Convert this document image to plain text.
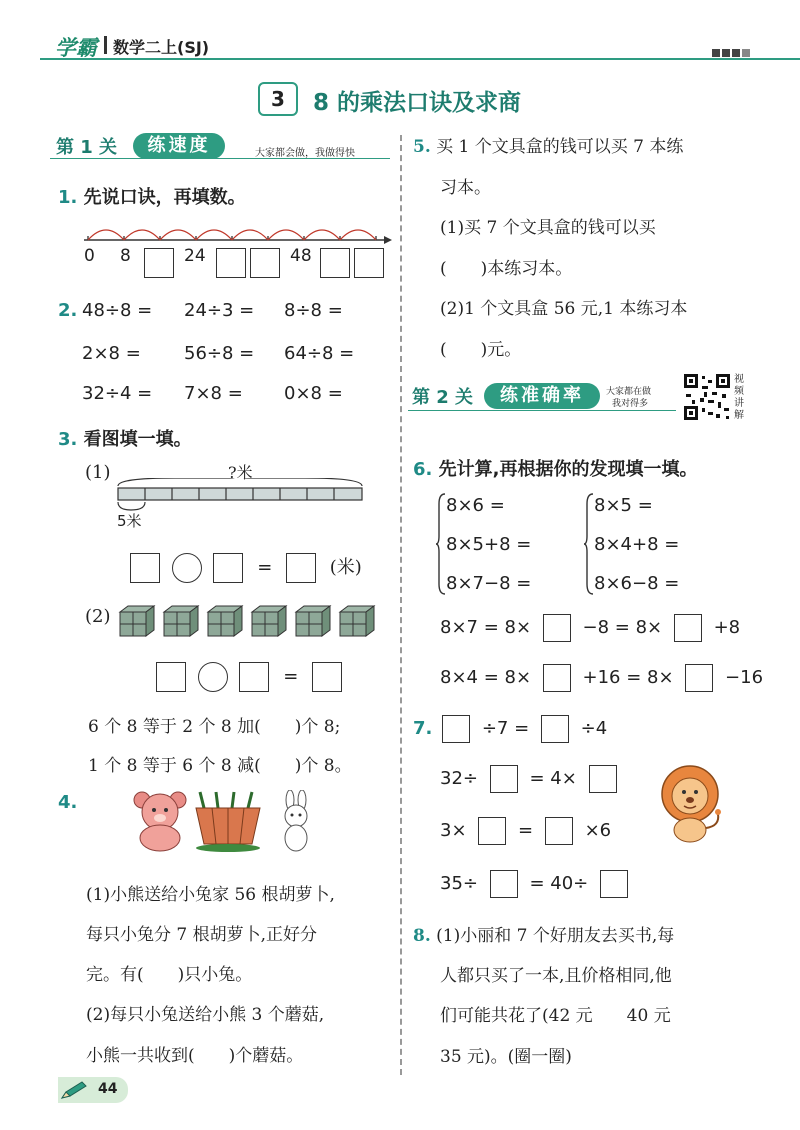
学霸 数学二上(SJ)
3	8 的乘法口诀及求商
第 1 关	练速度	大家都会做，我做得快
1. 先说口诀，再填数。
0 8	24	48
2. 48÷8 = 24÷3 = 8÷8 =
2×8 = 56÷8 = 64÷8 =
32÷4 = 7×8 = 0×8 =
3. 看图填一填。
(1)	?米
5米
=	(米)
(2)
=
6 个 8 等于 2 个 8 加(　　)个 8;
1 个 8 等于 6 个 8 减(　　)个 8。
4.
(1)小熊送给小兔家 56 根胡萝卜,
每只小兔分 7 根胡萝卜,正好分
完。有(　　)只小兔。
(2)每只小兔送给小熊 3 个蘑菇,
小熊一共收到(　　)个蘑菇。
5. 买 1 个文具盒的钱可以买 7 本练
习本。
(1)买 7 个文具盒的钱可以买
(　　)本练习本。
(2)1 个文具盒 56 元,1 本练习本
(　　)元。
第 2 关	练准确率	大家都在做
我对得多
视频讲解
6. 先计算,再根据你的发现填一填。
8×6 =
8×5+8 =
8×7−8 =
8×5 =
8×4+8 =
8×6−8 =
8×7 = 8×	−8 = 8×	+8
8×4 = 8×	+16 = 8×	−16
7.	÷7 =	÷4
32÷	= 4×
3×	=	×6
35÷	= 40÷
8. (1)小丽和 7 个好朋友去买书,每
人都只买了一本,且价格相同,他
们可能共花了(42 元　　40 元
35 元)。(圈一圈)
44
